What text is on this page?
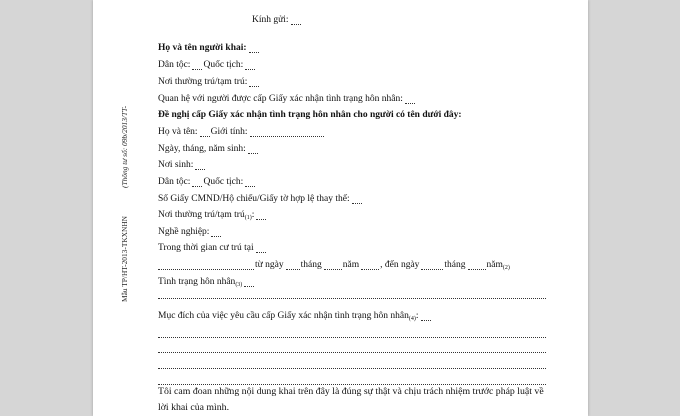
Mẫu TP/HT-2013-TKXNHN
(Thông tư số: 09b/2013/TT-
Kính gửi:
Họ và tên người khai:
Dân tộc: Quốc tịch:
Nơi thường trú/tạm trú:
Quan hệ với người được cấp Giấy xác nhận tình trạng hôn nhân:
Đề nghị cấp Giấy xác nhận tình trạng hôn nhân cho người có tên dưới đây:
Họ và tên: Giới tính:
Ngày, tháng, năm sinh:
Nơi sinh:
Dân tộc: Quốc tịch:
Số Giấy CMND/Hộ chiếu/Giấy tờ hợp lệ thay thế:
Nơi thường trú/tạm trú$_{(1)}$ :
Nghề nghiệp:
Trong thời gian cư trú tại
từ ngày tháng năm , đến ngày	tháng năm$_{(2)}$
Tình trạng hôn nhân$_{(3)}$
Mục đích của việc yêu cầu cấp Giấy xác nhận tình trạng hôn nhân$_{(4)}$ :
Tôi cam đoan những nội dung khai trên đây là đúng sự thật và chịu trách nhiệm trước pháp luật về lời khai của mình.
